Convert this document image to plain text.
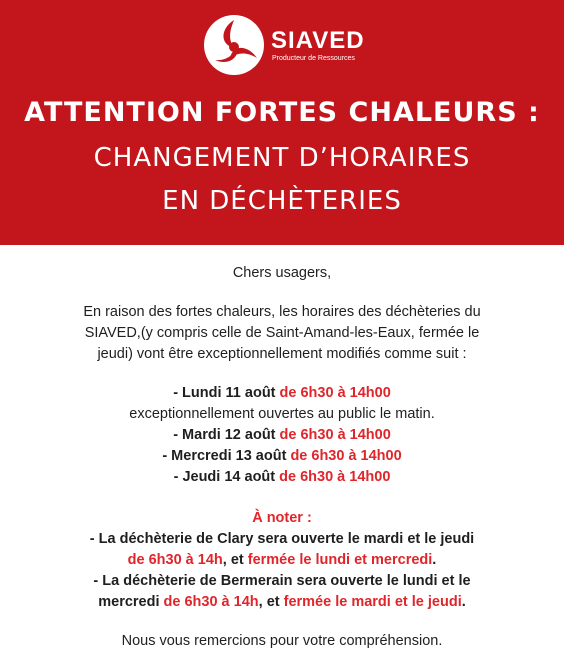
SIAVED
Producteur de Ressources
ATTENTION FORTES CHALEURS :
CHANGEMENT D’HORAIRES
EN DÉCHÈTERIES

Chers usagers,

En raison des fortes chaleurs, les horaires des déchèteries du

SIAVED,(y compris celle de Saint-Amand-les-Eaux, fermée le

jeudi) vont être exceptionnellement modifiés comme suit :

- Lundi 11 août de 6h30 à 14h00

exceptionnellement ouvertes au public le matin.

- Mardi 12 août de 6h30 à 14h00

- Mercredi 13 août de 6h30 à 14h00

- Jeudi 14 août de 6h30 à 14h00

À noter :

- La déchèterie de Clary sera ouverte le mardi et le jeudi

de 6h30 à 14h, et fermée le lundi et mercredi.

- La déchèterie de Bermerain sera ouverte le lundi et le

mercredi de 6h30 à 14h, et fermée le mardi et le jeudi.

Nous vous remercions pour votre compréhension.
